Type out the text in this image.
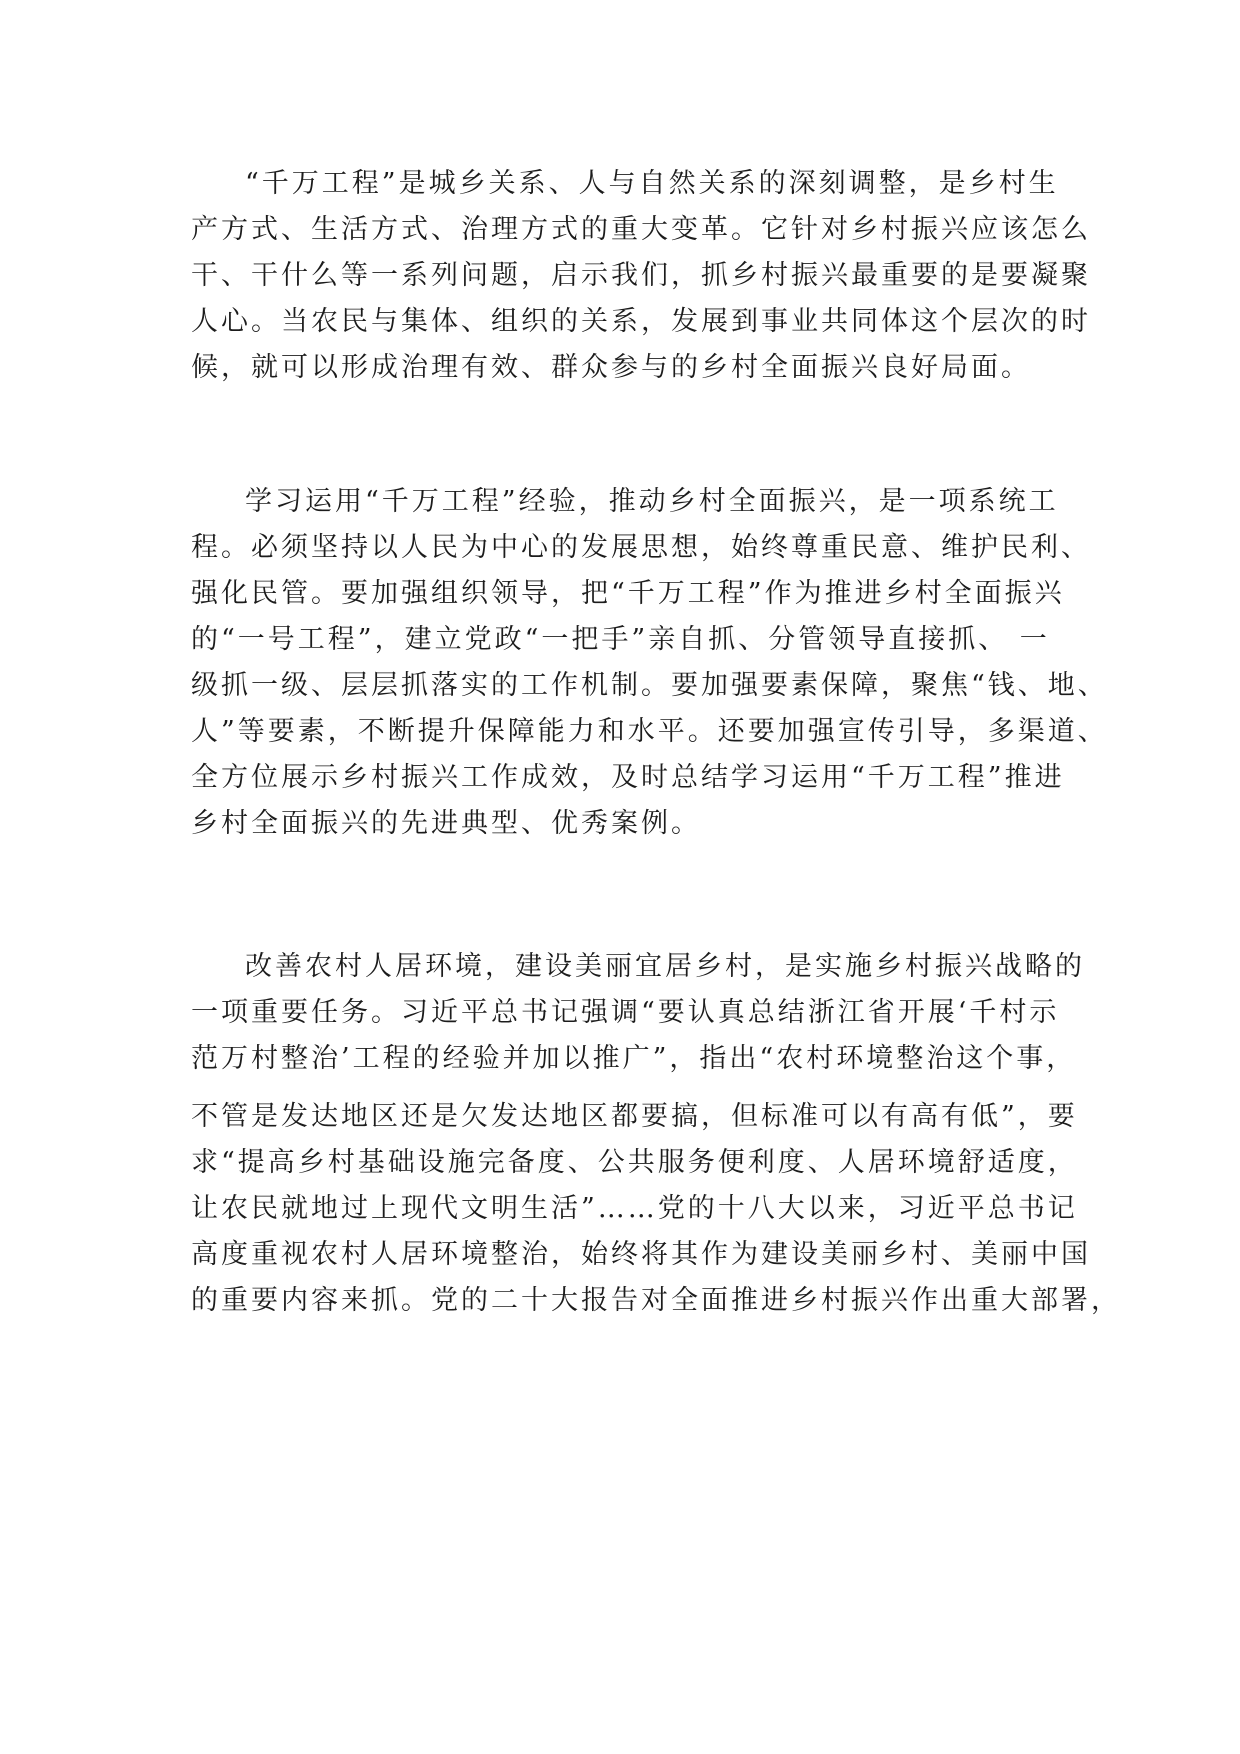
“千万工程”是城乡关系、人与自然关系的深刻调整，是乡村生
产方式、生活方式、治理方式的重大变革。它针对乡村振兴应该怎么
干、干什么等一系列问题，启示我们，抓乡村振兴最重要的是要凝聚
人心。当农民与集体、组织的关系，发展到事业共同体这个层次的时
候，就可以形成治理有效、群众参与的乡村全面振兴良好局面。
学习运用“千万工程”经验，推动乡村全面振兴，是一项系统工
程。必须坚持以人民为中心的发展思想，始终尊重民意、维护民利、
强化民管。要加强组织领导，把“千万工程”作为推进乡村全面振兴
的“一号工程”，建立党政“一把手”亲自抓、分管领导直接抓、 一
级抓一级、层层抓落实的工作机制。要加强要素保障，聚焦“钱、地、
人”等要素，不断提升保障能力和水平。还要加强宣传引导，多渠道、
全方位展示乡村振兴工作成效，及时总结学习运用“千万工程”推进
乡村全面振兴的先进典型、优秀案例。
改善农村人居环境，建设美丽宜居乡村，是实施乡村振兴战略的
一项重要任务。习近平总书记强调“要认真总结浙江省开展‘千村示
范万村整治’工程的经验并加以推广”，指出“农村环境整治这个事，
不管是发达地区还是欠发达地区都要搞，但标准可以有高有低”，要
求“提高乡村基础设施完备度、公共服务便利度、人居环境舒适度，
让农民就地过上现代文明生活”……党的十八大以来，习近平总书记
高度重视农村人居环境整治，始终将其作为建设美丽乡村、美丽中国
的重要内容来抓。党的二十大报告对全面推进乡村振兴作出重大部署，
